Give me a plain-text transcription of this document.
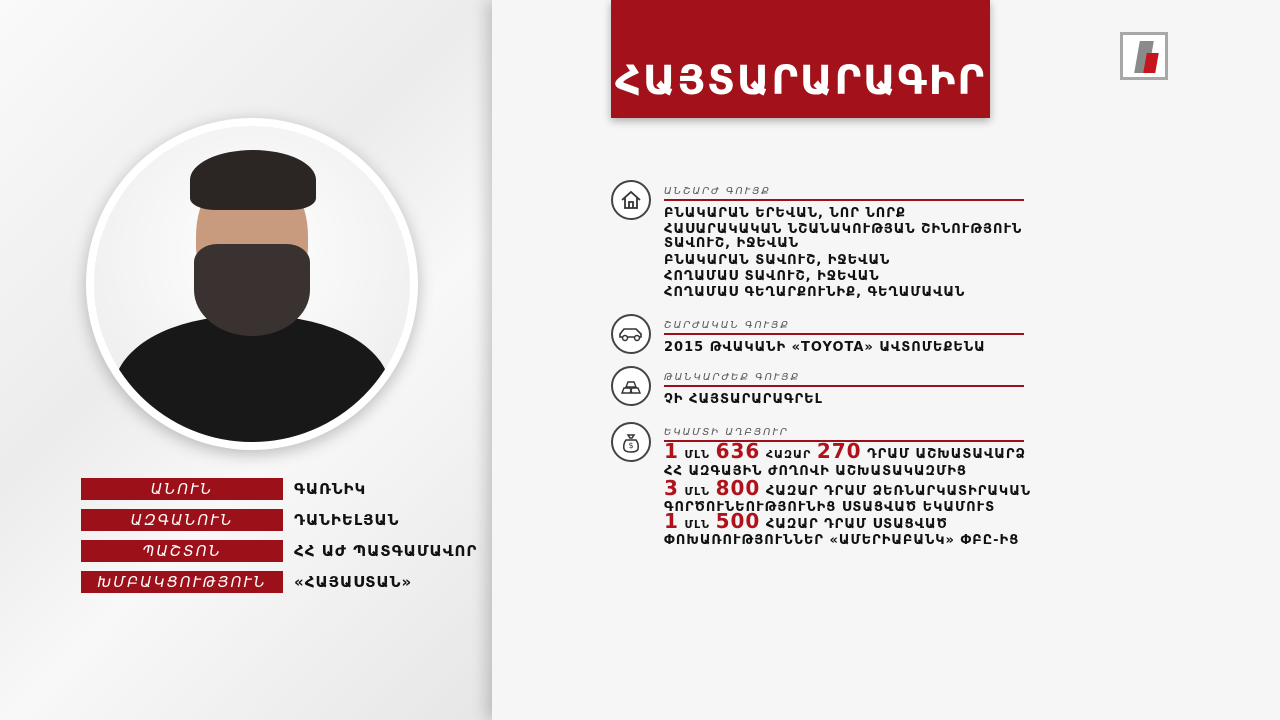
ԱՆՈՒՆ	ԳԱՌՆԻԿ
ԱԶԳԱՆՈՒՆ	ԴԱՆԻԵԼՅԱՆ
ՊԱՇՏՈՆ	ՀՀ ԱԺ ՊԱՏԳԱՄԱՎՈՐ
ԽՄԲԱԿՑՈՒԹՅՈՒՆ	«ՀԱՅԱՍՏԱՆ»
ՀԱՅՏԱՐԱՐԱԳԻՐ
ԱՆՇԱՐԺ ԳՈՒՅՔ
ԲՆԱԿԱՐԱՆ ԵՐԵՎԱՆ, ՆՈՐ ՆՈՐՔ
ՀԱՍԱՐԱԿԱԿԱՆ ՆՇԱՆԱԿՈՒԹՅԱՆ ՇԻՆՈՒԹՅՈՒՆ
ՏԱՎՈՒՇ, ԻՋԵՎԱՆ
ԲՆԱԿԱՐԱՆ ՏԱՎՈՒՇ, ԻՋԵՎԱՆ
ՀՈՂԱՄԱՍ ՏԱՎՈՒՇ, ԻՋԵՎԱՆ
ՀՈՂԱՄԱՍ ԳԵՂԱՐՔՈՒՆԻՔ, ԳԵՂԱՄԱՎԱՆ
ՇԱՐԺԱԿԱՆ ԳՈՒՅՔ
2015 ԹՎԱԿԱՆԻ «TOYOTA» ԱՎՏՈՄԵՔԵՆԱ
ԹԱՆԿԱՐԺԵՔ ԳՈՒՅՔ
ՉԻ ՀԱՅՏԱՐԱՐԱԳՐԵԼ
$
ԵԿԱՄՏԻ ԱՂԲՅՈՒՐ
1 ՄԼՆ 636 ՀԱԶԱՐ 270 ԴՐԱՄ ԱՇԽԱՏԱՎԱՐՁ
ՀՀ ԱԶԳԱՅԻՆ ԺՈՂՈՎԻ ԱՇԽԱՏԱԿԱԶՄԻՑ
3 ՄԼՆ 800 ՀԱԶԱՐ ԴՐԱՄ ՁԵՌՆԱՐԿԱՏԻՐԱԿԱՆ
ԳՈՐԾՈՒՆԵՈՒԹՅՈՒՆԻՑ ՍՏԱՑՎԱԾ ԵԿԱՄՈՒՏ
1 ՄԼՆ 500 ՀԱԶԱՐ ԴՐԱՄ ՍՏԱՑՎԱԾ
ՓՈԽԱՌՈՒԹՅՈՒՆՆԵՐ «ԱՄԵՐԻԱԲԱՆԿ» ՓԲԸ-ԻՑ
